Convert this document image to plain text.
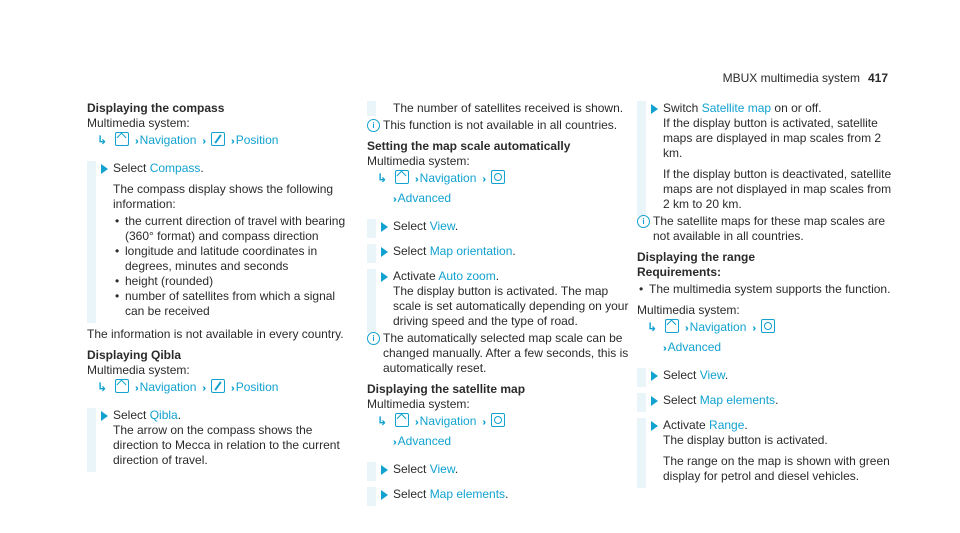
MBUX multimedia system 417
Displaying the compass
Multimedia system:
↳	›› Navigation ››	›› Position
Select Compass.
The compass display shows the following information:
• the current direction of travel with bearing (360° format) and compass direction
• longitude and latitude coordinates in degrees, minutes and seconds
• height (rounded)
• number of satellites from which a signal can be received
The information is not available in every country.
Displaying Qibla
Multimedia system:
↳	›› Navigation ››	›› Position
Select Qibla.
The arrow on the compass shows the direction to Mecca in relation to the current direction of travel.
The number of satellites received is shown.
i This function is not available in all countries.
Setting the map scale automatically
Multimedia system:
↳	›› Navigation ››
›› Advanced
Select View.
Select Map orientation.
Activate Auto zoom.
The display button is activated. The map scale is set automatically depending on your driving speed and the type of road.
i The automatically selected map scale can be changed manually. After a few seconds, this is automatically reset.
Displaying the satellite map
Multimedia system:
↳	›› Navigation ››
›› Advanced
Select View.
Select Map elements.
Switch Satellite map on or off.
If the display button is activated, satellite maps are displayed in map scales from 2 km.
If the display button is deactivated, satellite maps are not displayed in map scales from 2 km to 20 km.
i The satellite maps for these map scales are not available in all countries.
Displaying the range
Requirements:
• The multimedia system supports the function.
Multimedia system:
↳	›› Navigation ››
›› Advanced
Select View.
Select Map elements.
Activate Range.
The display button is activated.
The range on the map is shown with green display for petrol and diesel vehicles.
